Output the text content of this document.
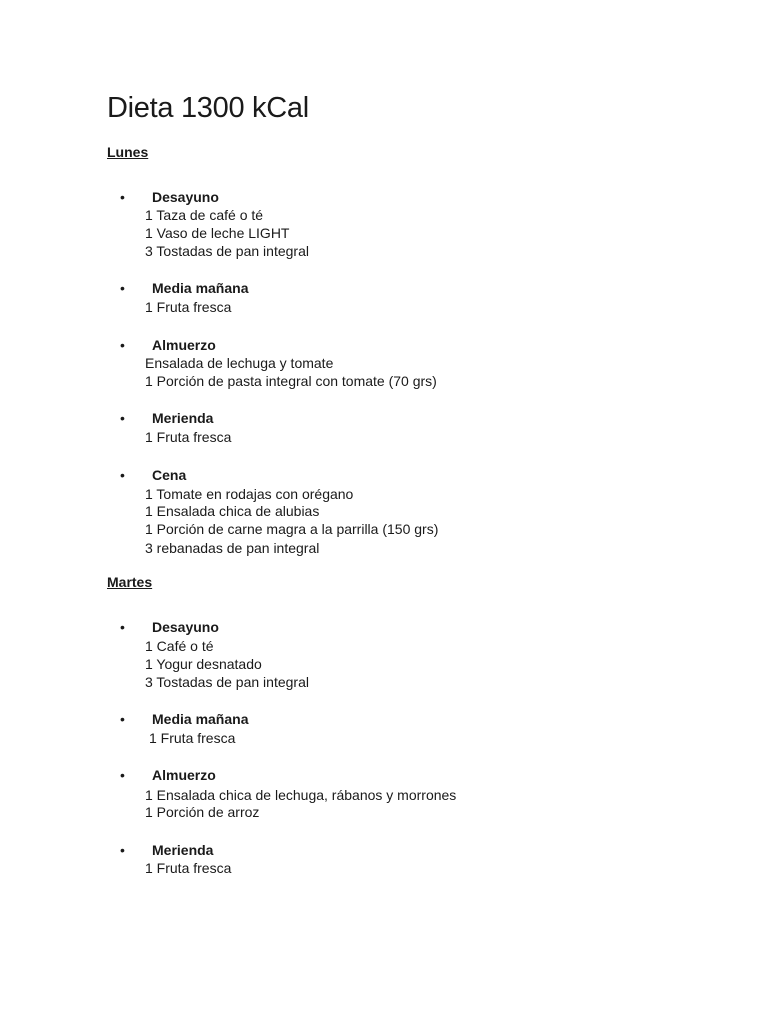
Dieta 1300 kCal
Lunes
• Desayuno
1 Taza de café o té
1 Vaso de leche LIGHT
3 Tostadas de pan integral
• Media mañana
1 Fruta fresca
• Almuerzo
Ensalada de lechuga y tomate
1 Porción de pasta integral con tomate (70 grs)
• Merienda
1 Fruta fresca
• Cena
1 Tomate en rodajas con orégano
1 Ensalada chica de alubias
1 Porción de carne magra a la parrilla (150 grs)
3 rebanadas de pan integral
Martes
• Desayuno
1 Café o té
1 Yogur desnatado
3 Tostadas de pan integral
• Media mañana
1 Fruta fresca
• Almuerzo
1 Ensalada chica de lechuga, rábanos y morrones
1 Porción de arroz
• Merienda
1 Fruta fresca
